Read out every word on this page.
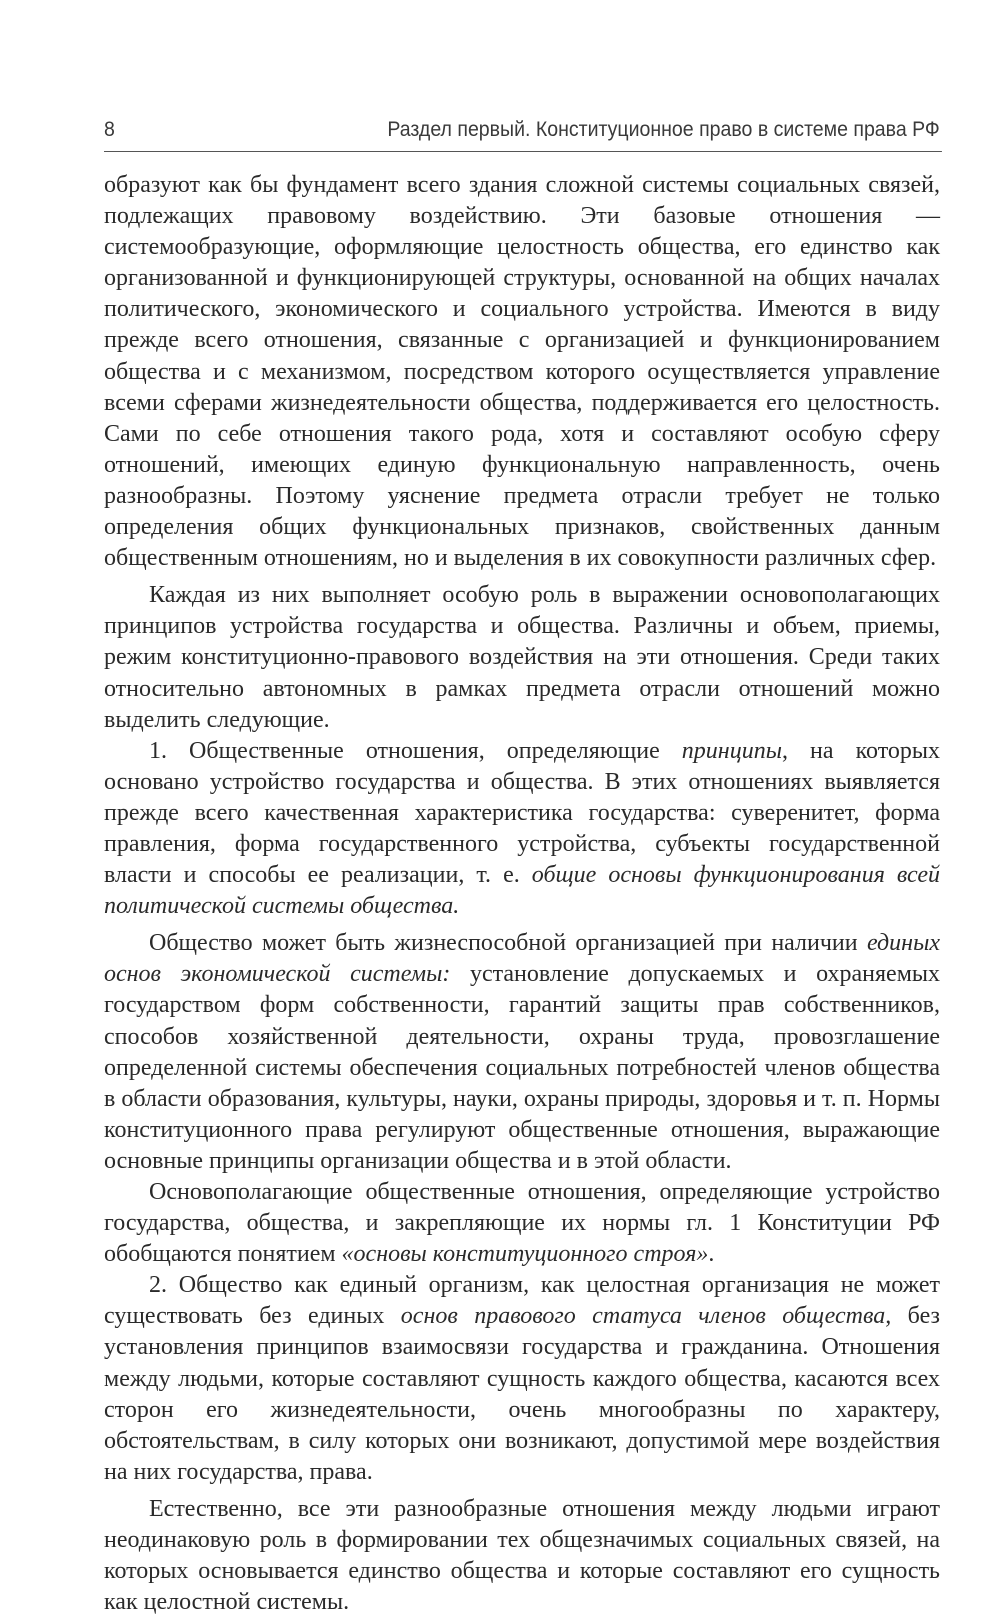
8	Раздел первый. Конституционное право в системе права РФ

образуют как бы фундамент всего здания сложной системы социальных связей, подлежащих правовому воздействию. Эти базовые отношения — системообразующие, оформляющие целостность общества, его единство как организованной и функционирующей структуры, основанной на общих началах политического, экономического и социального устройства. Имеются в виду прежде всего отношения, связанные с организацией и функционированием общества и с механизмом, посредством которого осуществляется управление всеми сферами жизнедеятельности общества, поддерживается его целостность. Сами по себе отношения такого рода, хотя и составляют особую сферу отношений, имеющих единую функциональную направленность, очень разнообразны. Поэтому уяснение предмета отрасли требует не только определения общих функциональных признаков, свойственных данным общественным отношениям, но и выделения в их совокупности различных сфер.

Каждая из них выполняет особую роль в выражении основополагающих принципов устройства государства и общества. Различны и объем, приемы, режим конституционно-правового воздействия на эти отношения. Среди таких относительно автономных в рамках предмета отрасли отношений можно выделить следующие.

1. Общественные отношения, определяющие принципы, на которых основано устройство государства и общества. В этих отношениях выявляется прежде всего качественная характеристика государства: суверенитет, форма правления, форма государственного устройства, субъекты государственной власти и способы ее реализации, т. е. общие основы функционирования всей политической системы общества.

Общество может быть жизнеспособной организацией при наличии единых основ экономической системы: установление допускаемых и охраняемых государством форм собственности, гарантий защиты прав собственников, способов хозяйственной деятельности, охраны труда, провозглашение определенной системы обеспечения социальных потребностей членов общества в области образования, культуры, науки, охраны природы, здоровья и т. п. Нормы конституционного права регулируют общественные отношения, выражающие основные принципы организации общества и в этой области.

Основополагающие общественные отношения, определяющие устройство государства, общества, и закрепляющие их нормы гл. 1 Конституции РФ обобщаются понятием «основы конституционного строя».

2. Общество как единый организм, как целостная организация не может существовать без единых основ правового статуса членов общества, без установления принципов взаимосвязи государства и гражданина. Отношения между людьми, которые составляют сущность каждого общества, касаются всех сторон его жизнедеятельности, очень многообразны по характеру, обстоятельствам, в силу которых они возникают, допустимой мере воздействия на них государства, права.

Естественно, все эти разнообразные отношения между людьми играют неодинаковую роль в формировании тех общезначимых социальных связей, на которых основывается единство общества и которые составляют его сущность как целостной системы.
